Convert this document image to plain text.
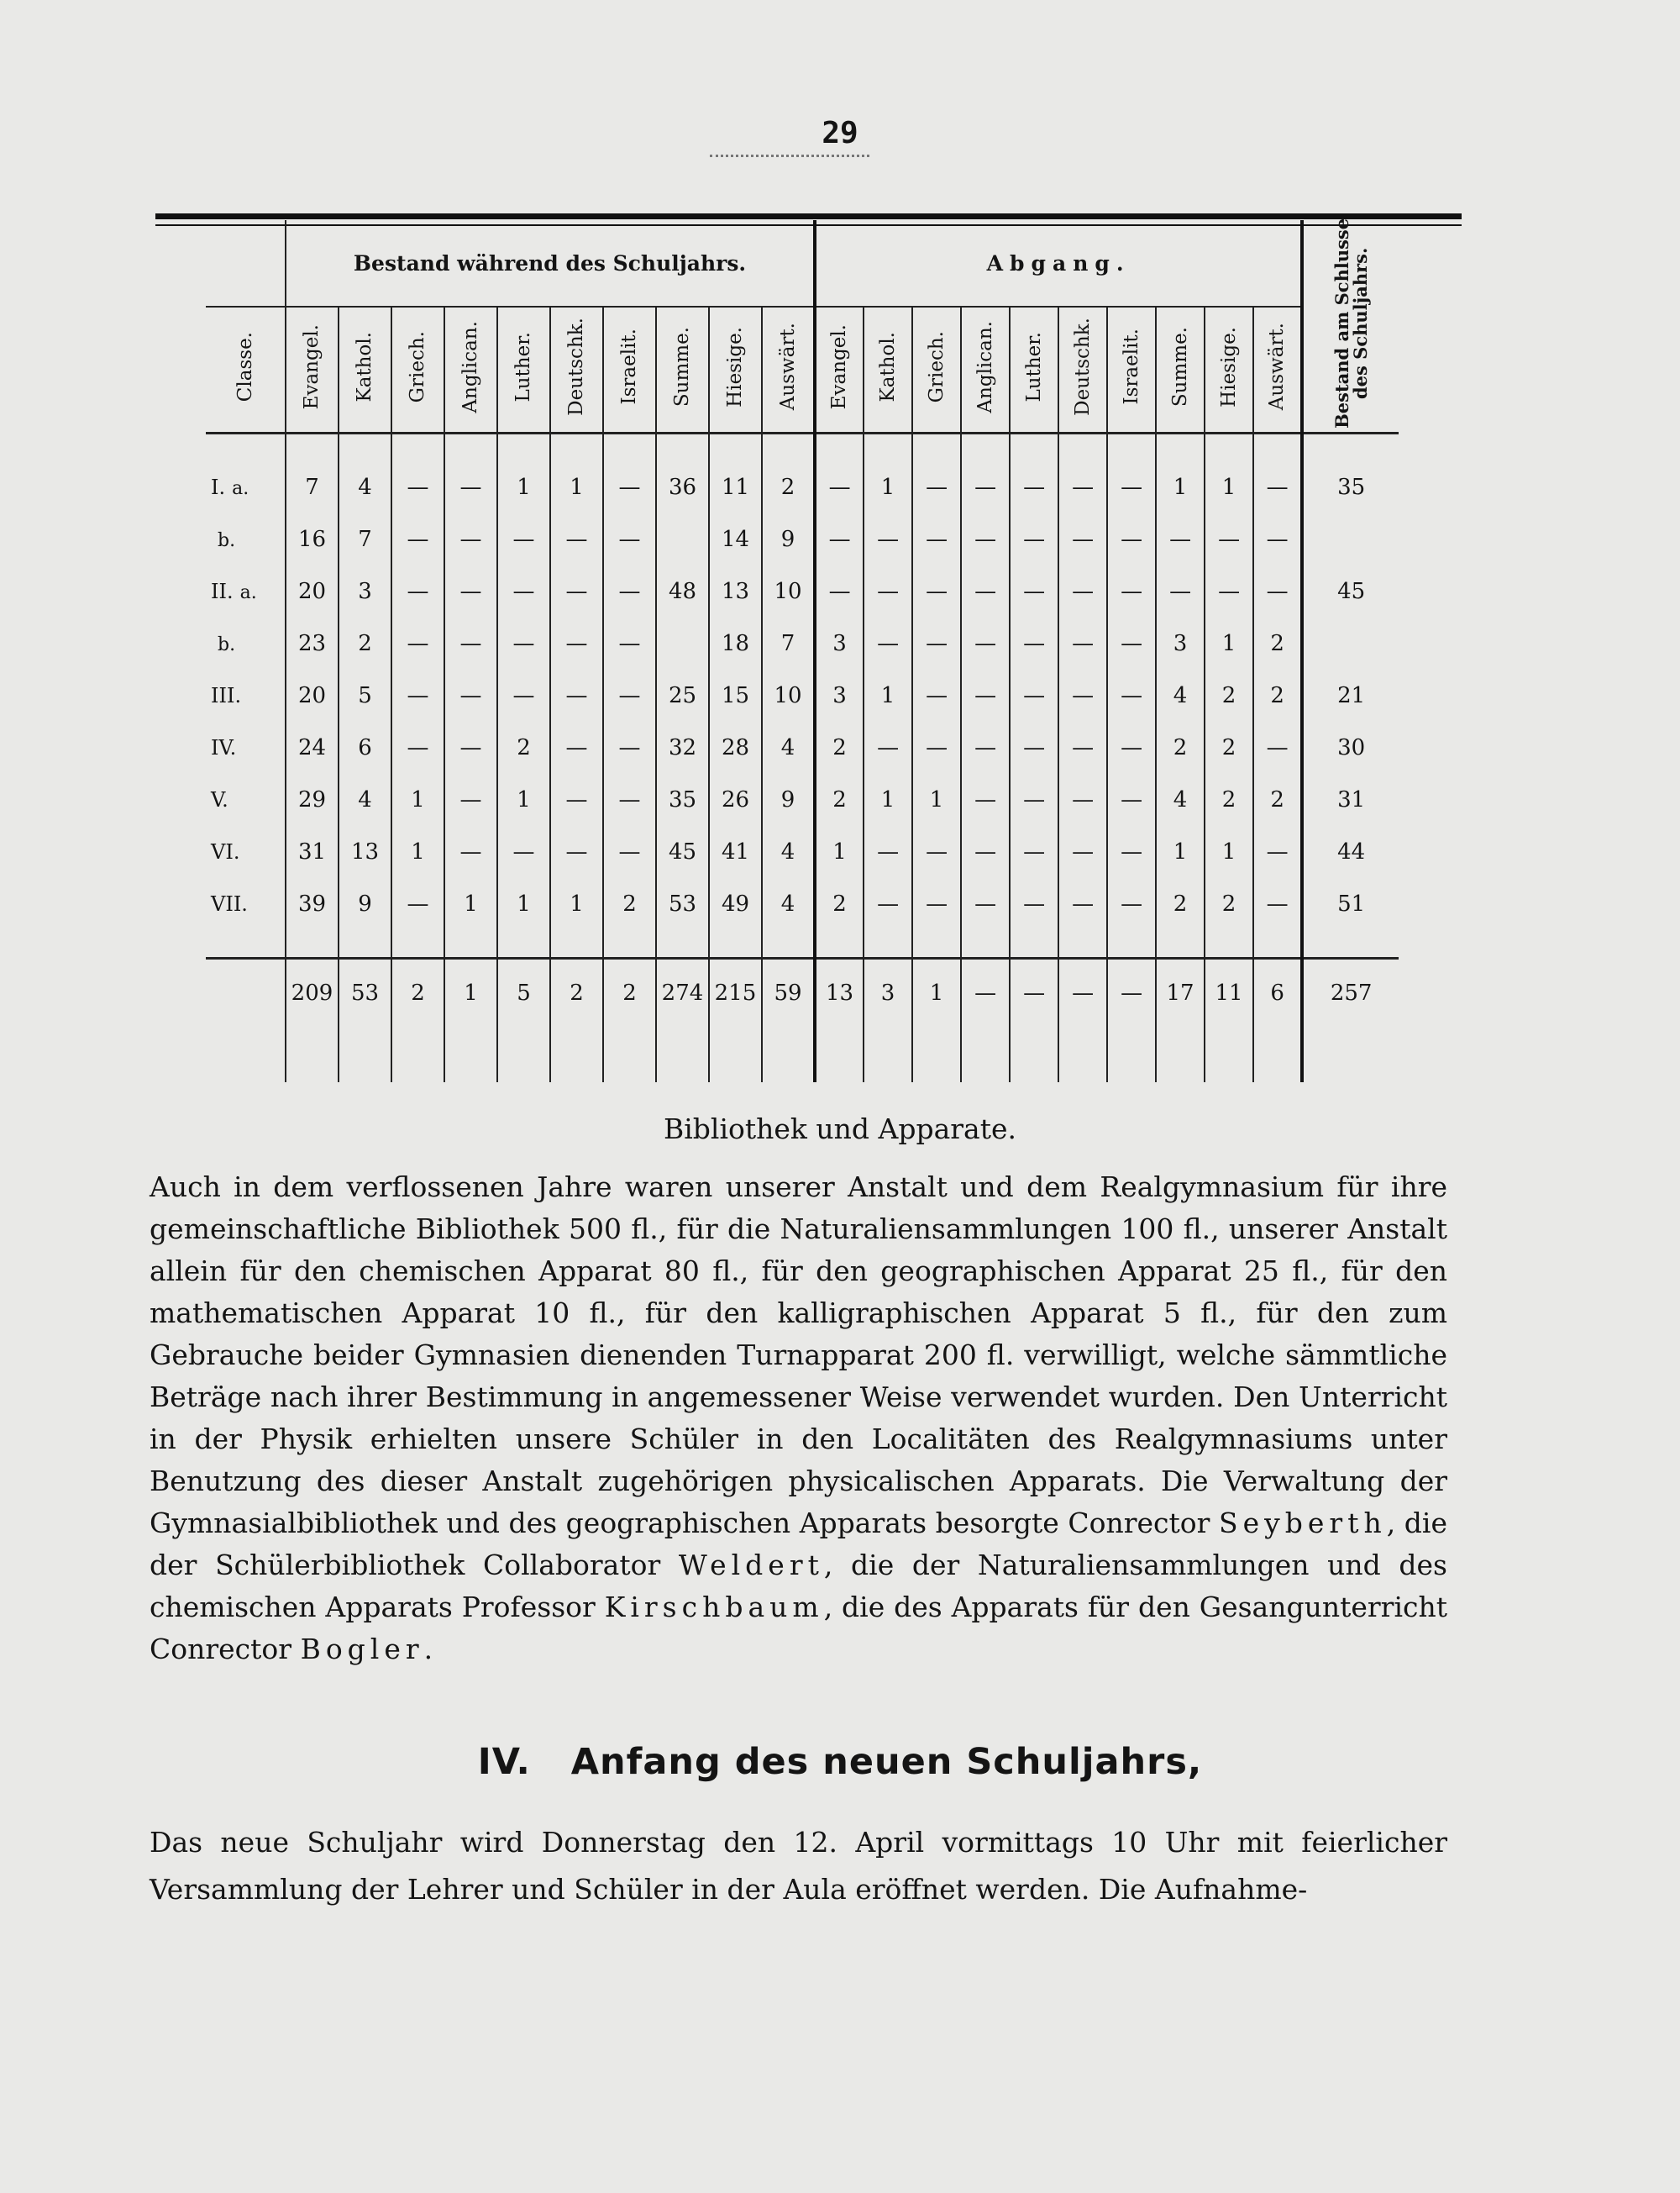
29
	Bestand während des Schuljahrs.										Abgang.										Bestand am Schlusse des Schuljahrs.
Classe.	Evangel.	Kathol.	Griech.	Anglican.	Luther.	Deutschk.	Israelit.	Summe.	Hiesige.	Auswärt.	Evangel.	Kathol.	Griech.	Anglican.	Luther.	Deutschk.	Israelit.	Summe.	Hiesige.	Auswärt.	

I. a.	7	4	—	—	1	1	—	36	11	2	—	1	—	—	—	—	—	1	1	—	35
b.	16	7	—	—	—	—	—		14	9	—	—	—	—	—	—	—	—	—	—	
II. a.	20	3	—	—	—	—	—	48	13	10	—	—	—	—	—	—	—	—	—	—	45
b.	23	2	—	—	—	—	—		18	7	3	—	—	—	—	—	—	3	1	2	
III.	20	5	—	—	—	—	—	25	15	10	3	1	—	—	—	—	—	4	2	2	21
IV.	24	6	—	—	2	—	—	32	28	4	2	—	—	—	—	—	—	2	2	—	30
V.	29	4	1	—	1	—	—	35	26	9	2	1	1	—	—	—	—	4	2	2	31
VI.	31	13	1	—	—	—	—	45	41	4	1	—	—	—	—	—	—	1	1	—	44
VII.	39	9	—	1	1	1	2	53	49	4	2	—	—	—	—	—	—	2	2	—	51

	209	53	2	1	5	2	2	274	215	59	13	3	1	—	—	—	—	17	11	6	257

Bibliothek und Apparate.

Auch in dem verflossenen Jahre waren unserer Anstalt und dem Realgymnasium für ihre gemeinschaftliche Bibliothek 500 fl., für die Naturaliensammlungen 100 fl., unserer Anstalt allein für den chemischen Apparat 80 fl., für den geographischen Apparat 25 fl., für den mathematischen Apparat 10 fl., für den kalligraphischen Apparat 5 fl., für den zum Gebrauche beider Gymnasien dienenden Turnapparat 200 fl. verwilligt, welche sämmtliche Beträge nach ihrer Bestimmung in angemessener Weise verwendet wurden. Den Unterricht in der Physik erhielten unsere Schüler in den Localitäten des Realgymnasiums unter Benutzung des dieser Anstalt zugehörigen physicalischen Apparats. Die Verwaltung der Gymnasialbibliothek und des geographischen Apparats besorgte Conrector Seyberth, die der Schülerbibliothek Collaborator Weldert, die der Naturaliensammlungen und des chemischen Apparats Professor Kirschbaum, die des Apparats für den Gesangunterricht Conrector Bogler.

IV.   Anfang des neuen Schuljahrs,

Das neue Schuljahr wird Donnerstag den 12. April vormittags 10 Uhr mit feierlicher Versammlung der Lehrer und Schüler in der Aula eröffnet werden. Die Aufnahme-
